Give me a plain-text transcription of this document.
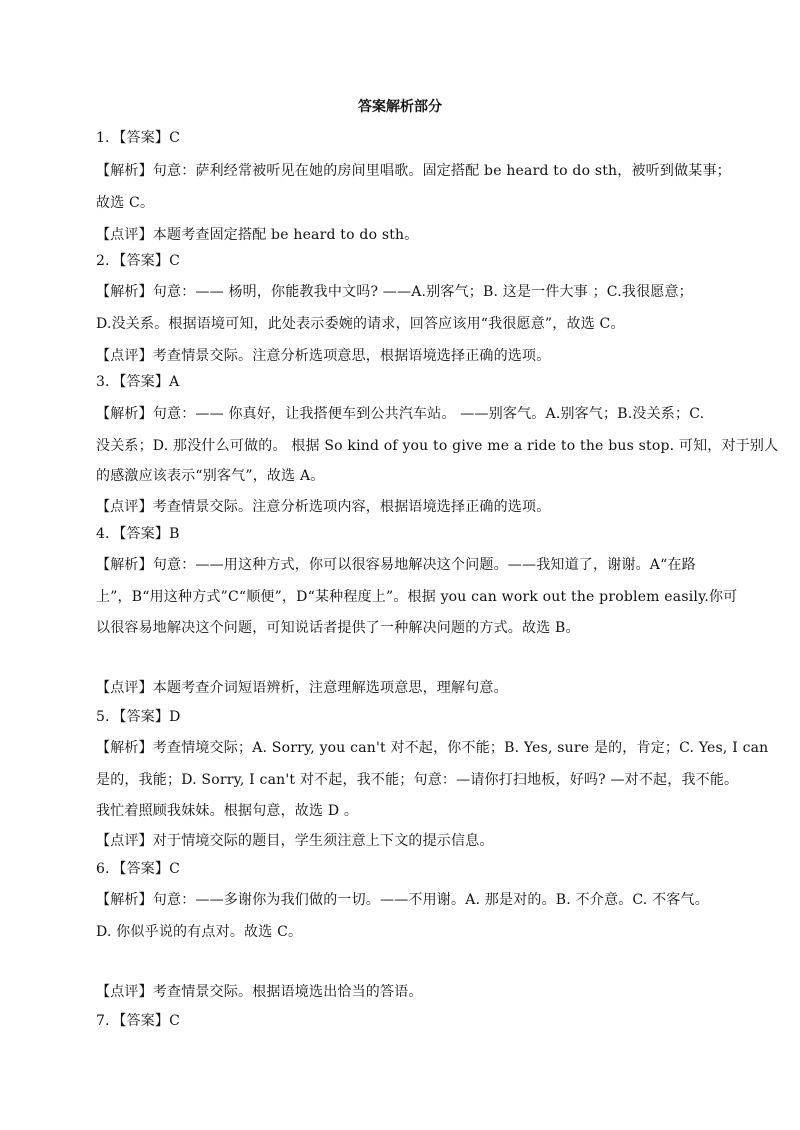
答案解析部分
1．【答案】C
【解析】句意：萨利经常被听见在她的房间里唱歌。固定搭配 be heard to do sth，被听到做某事；
故选 C。
【点评】本题考查固定搭配 be heard to do sth。
2．【答案】C
【解析】句意：—— 杨明，你能教我中文吗? ——A.别客气；B. 这是一件大事 ；C.我很愿意；
D.没关系。根据语境可知，此处表示委婉的请求，回答应该用“我很愿意”，故选 C。
【点评】考查情景交际。注意分析选项意思，根据语境选择正确的选项。
3．【答案】A
【解析】句意：—— 你真好，让我搭便车到公共汽车站。 ——别客气。A.别客气；B.没关系；C.
没关系；D. 那没什么可做的。 根据 So kind of you to give me a ride to the bus stop. 可知，对于别人
的感激应该表示“别客气”，故选 A。
【点评】考查情景交际。注意分析选项内容，根据语境选择正确的选项。
4．【答案】B
【解析】句意：——用这种方式，你可以很容易地解决这个问题。——我知道了，谢谢。A“在路
上”，B“用这种方式”C“顺便”，D“某种程度上”。根据 you can work out the problem easily.你可
以很容易地解决这个问题，可知说话者提供了一种解决问题的方式。故选 B。
【点评】本题考查介词短语辨析，注意理解选项意思，理解句意。
5．【答案】D
【解析】考查情境交际；A. Sorry, you can't 对不起，你不能；B. Yes, sure 是的，肯定；C. Yes, I can
是的，我能；D. Sorry, I can't 对不起，我不能；句意：—请你打扫地板，好吗? —对不起，我不能。
我忙着照顾我妹妹。根据句意，故选 D 。
【点评】对于情境交际的题目，学生须注意上下文的提示信息。
6．【答案】C
【解析】句意：——多谢你为我们做的一切。——不用谢。A. 那是对的。B. 不介意。C. 不客气。
D. 你似乎说的有点对。故选 C。
【点评】考查情景交际。根据语境选出恰当的答语。
7．【答案】C
